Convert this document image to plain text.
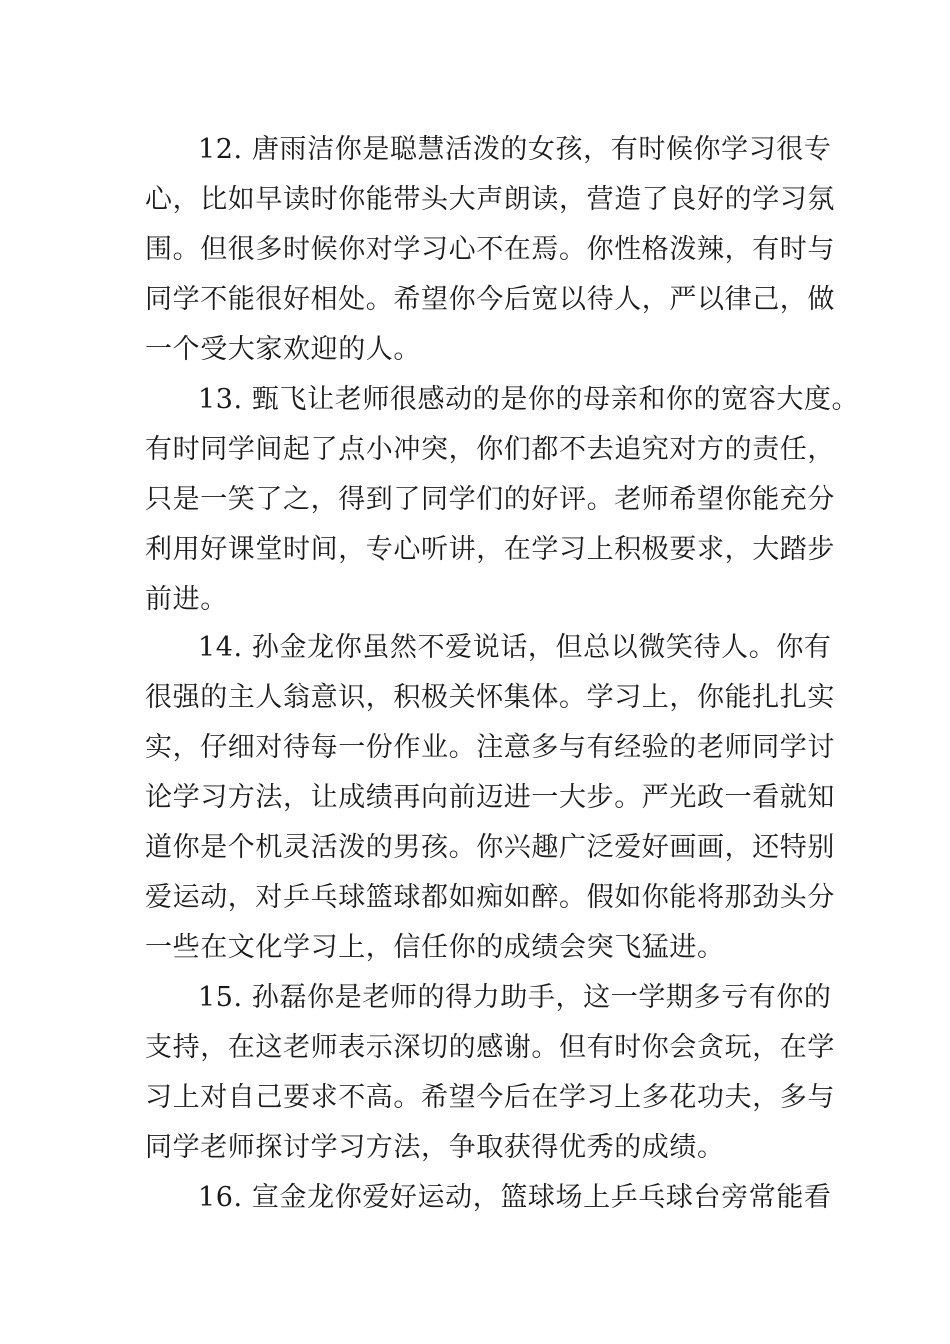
12. 唐雨洁你是聪慧活泼的女孩，有时候你学习很专
心，比如早读时你能带头大声朗读，营造了良好的学习氛
围。但很多时候你对学习心不在焉。你性格泼辣，有时与
同学不能很好相处。希望你今后宽以待人，严以律己，做
一个受大家欢迎的人。
13. 甄飞让老师很感动的是你的母亲和你的宽容大度。
有时同学间起了点小冲突，你们都不去追究对方的责任，
只是一笑了之，得到了同学们的好评。老师希望你能充分
利用好课堂时间，专心听讲，在学习上积极要求，大踏步
前进。
14. 孙金龙你虽然不爱说话，但总以微笑待人。你有
很强的主人翁意识，积极关怀集体。学习上，你能扎扎实
实，仔细对待每一份作业。注意多与有经验的老师同学讨
论学习方法，让成绩再向前迈进一大步。严光政一看就知
道你是个机灵活泼的男孩。你兴趣广泛爱好画画，还特别
爱运动，对乒乓球篮球都如痴如醉。假如你能将那劲头分
一些在文化学习上，信任你的成绩会突飞猛进。
15. 孙磊你是老师的得力助手，这一学期多亏有你的
支持，在这老师表示深切的感谢。但有时你会贪玩，在学
习上对自己要求不高。希望今后在学习上多花功夫，多与
同学老师探讨学习方法，争取获得优秀的成绩。
16. 宣金龙你爱好运动，篮球场上乒乓球台旁常能看
